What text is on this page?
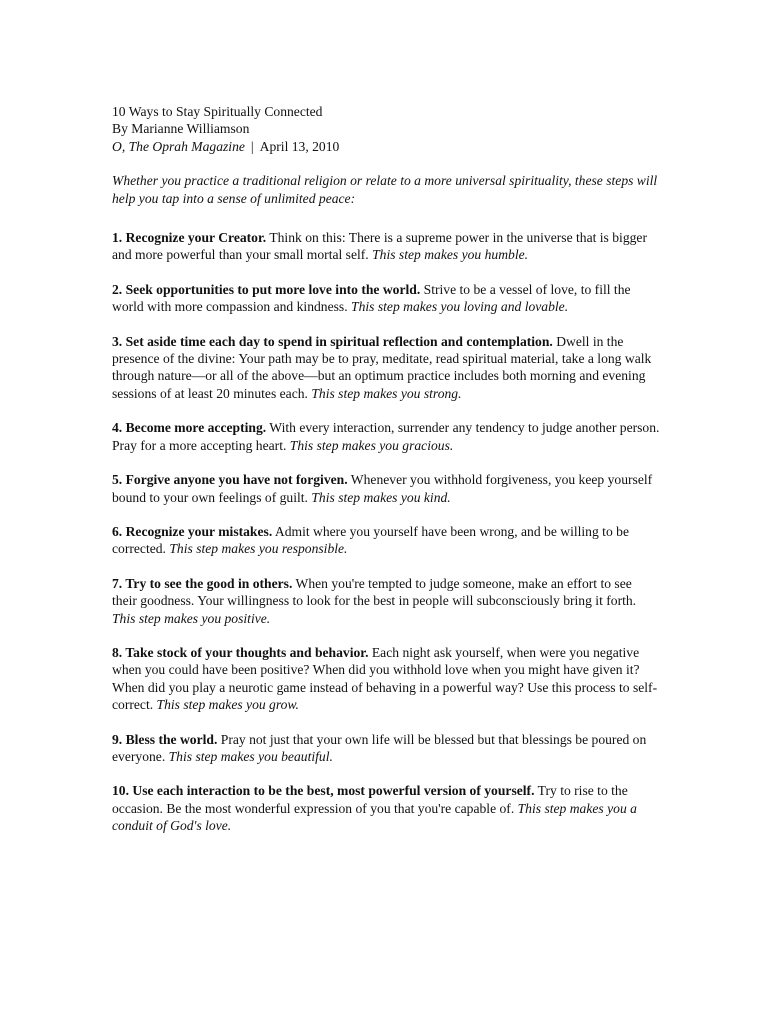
10 Ways to Stay Spiritually Connected
By Marianne Williamson
O, The Oprah Magazine | April 13, 2010
Whether you practice a traditional religion or relate to a more universal spirituality, these steps will help you tap into a sense of unlimited peace:

1. Recognize your Creator. Think on this: There is a supreme power in the universe that is bigger and more powerful than your small mortal self. This step makes you humble.

2. Seek opportunities to put more love into the world. Strive to be a vessel of love, to fill the world with more compassion and kindness. This step makes you loving and lovable.

3. Set aside time each day to spend in spiritual reflection and contemplation. Dwell in the presence of the divine: Your path may be to pray, meditate, read spiritual material, take a long walk through nature—or all of the above—but an optimum practice includes both morning and evening sessions of at least 20 minutes each. This step makes you strong.

4. Become more accepting. With every interaction, surrender any tendency to judge another person. Pray for a more accepting heart. This step makes you gracious.

5. Forgive anyone you have not forgiven. Whenever you withhold forgiveness, you keep yourself bound to your own feelings of guilt. This step makes you kind.

6. Recognize your mistakes. Admit where you yourself have been wrong, and be willing to be corrected. This step makes you responsible.

7. Try to see the good in others. When you're tempted to judge someone, make an effort to see their goodness. Your willingness to look for the best in people will subconsciously bring it forth. This step makes you positive.

8. Take stock of your thoughts and behavior. Each night ask yourself, when were you negative when you could have been positive? When did you withhold love when you might have given it? When did you play a neurotic game instead of behaving in a powerful way? Use this process to self-correct. This step makes you grow.

9. Bless the world. Pray not just that your own life will be blessed but that blessings be poured on everyone. This step makes you beautiful.

10. Use each interaction to be the best, most powerful version of yourself. Try to rise to the occasion. Be the most wonderful expression of you that you're capable of. This step makes you a conduit of God's love.
